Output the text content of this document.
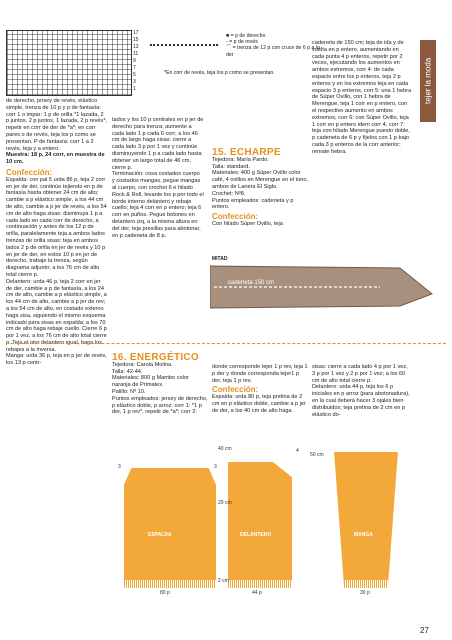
17
15
13
11
9
7
5
3
1
■ = p de derecho
- = p de revés
⌒ = trenza de 12 p con cruce de 6 p a la der
*En corr de revés, teja los p como se presentan.

de derecho, jersey de revés, elástico simple, trenza de 10 p y p de fantasía: corr 1 o impar: 1 p de orilla *1 lazada, 2 p juntos, 2 p juntos, 1 lazada, 2 p revés*, repetir en corr de der de *a*; en corr pares o de revés, teja los p como se presentan. P de fantasía: corr 1 a 2 revés, teja y a entero.

Muestra: 18 p, 24 corr, en muestra de 10 cm.

Confección:

Espalda: con pal 5 urda 86 p, teja 2 corr en jer de der, continúe tejiendo en p de fantasía hasta obtener 24 cm de alto; cambie a p elástico simple, a los 44 cm de alto, cambie a p jer de revés, a los 54 cm de alto haga sisas: disminuya 1 p a cada lado en cada corr de derecho, a continuación y antes de los 12 p de orilla, paralelamente teja a ambos lados trenzas de orilla sisas: teja en ambos lados 2 p de orilla en jer de revés y 10 p en jer de der, en estos 10 p en jer de derecho, trabaje la trenza, según diagrama adjunto; a los 76 cm de alto total cierre p.

Delantero: urda 46 p, teja 2 corr en jer de der, cambie a p de fantasía, a los 24 cm de alto, cambie a p elástico simple, a los 44 cm de alto, cambie a p jer de rev; a los 54 cm de alto, en costado externo haga sisa, siguiendo el mismo esquema indicado para sisas en espalda; a los 70 cm de alto haga rebaje cuello. Cierre 6 p por 1 vez, a los 76 cm de alto total cierre p. Teja el otro delantero igual, haga los rebajes a la inversa.

Manga: urda 36 p, teja en p jer de revés, los 13 p centr-

tados y los 10 p centrales en p jer de derecho para trenza; aumente a cada lado 1 p cada 6 corr; a los 46 cm de largo haga sisas: cierre a cada lado 3 p por 1 vez y continúe disminuyendo 1 p a cada lado hasta obtener un largo total de 46 cm, cierre p.

Terminación: cosa costados cuerpo y costados mangas, pegue mangas al cuerpo, con crochet 6 e hilado Rock & Roll, levante los p por todo el borde interno delantero y rebaje cuello; teja 4 corr en p entero; teja 6 corr en puños. Pegue botones en delantero izq, a la misma altura en del der, teja presillas para abotonar, en p cadeneta de 8 p.

15. ECHARPE

Tejedora: María Pardo.

Talla: standard.

Materiales: 400 g Súper Ovillo color café, 4 ovillos en Merengue en el tono, ambos de Lanera El Siglo.

Crochet: Nº8.

Puntos empleados: cadeneta y p entero.

Confección:

Con hilado Súper Ovillo, teja

cadeneta de 150 cm; teja de ida y de vuelta en p entero, aumentando en cada punta 4 p enteros, repetir por 2 veces, ejecutando los aumentos en ambos extremos, corr 4: de cada espacio entre los p enteros, teja 2 p enteros y en los extremos teja en cada espacio 3 p enteros, corr 5: una 1 hebra de Súper Ovillo, con 1 hebra de Merengue, teja 1 corr en p entero, con el respectivo aumento en ambos extremos, corr 6: con Súper Ovillo, teja 1 corr en p entero idem corr 4, corr 7: teja con hilado Merengue puesto doble, p cadeneta de 6 p y fijelos con 1 p bajo cada 3 p enteros de la corr anterior; remate hebra.

tejer la moda
MITAD
cadeneta 150 cm
16. ENERGÉTICO

Tejedora: Carola Molina.

Talla: 42-44.

Materiales: 800 g Mambo color naranja de Primatex.

Palillo: Nº 10.

Puntos empleados: jersey de derecho, p elástico doble, p arroz: corr 1: *1 p der, 1 p rev*, repetir de *a*; corr 2:

donde corresponde tejer 1 p rev, teja 1 p der y donde corresponda tejer1 p der, teja 1 p rev.

Confección:

Espalda: urda 80 p, teja pretina de 2 cm en p elástico doble, cambie a p jer de der, a los 40 cm de alto haga

sisas: cierre a cada lado 4 p por 1 vez, 3 p por 1 vez y 2 p por 1 vez; a los 60 cm de alto total cierre p.

Delantero: urda 44 p, teja los 6 p iniciales en p arroz (para abotonadura), en la cual deberá hacer 3 ojales bien distribuidos; teja pretina de 2 cm en p elástico do-

ESPALDA
80 p
3	3
DELANTERO
44 p
40 cm
20 cm
2 cm
4
MANGA
30 p
50 cm
27
